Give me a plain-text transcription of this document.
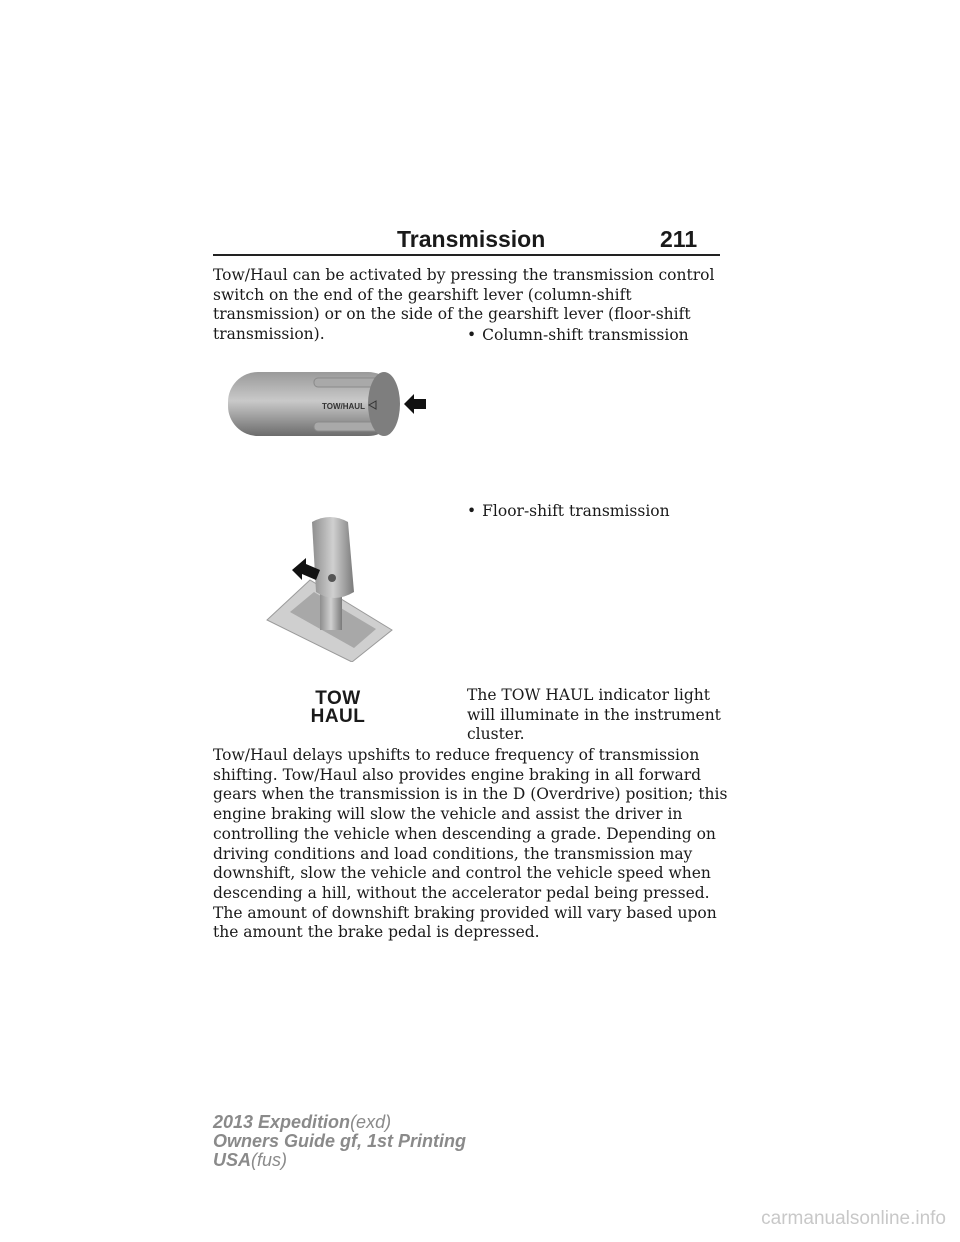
Transmission	211

Tow/Haul can be activated by pressing the transmission control switch on the end of the gearshift lever (column-shift transmission) or on the side of the gearshift lever (floor-shift transmission).	• Column-shift transmission
TOW/HAUL
• Floor-shift transmission
TOW
HAUL

The TOW HAUL indicator light will illuminate in the instrument cluster.

Tow/Haul delays upshifts to reduce frequency of transmission shifting. Tow/Haul also provides engine braking in all forward gears when the transmission is in the D (Overdrive) position; this engine braking will slow the vehicle and assist the driver in controlling the vehicle when descending a grade. Depending on driving conditions and load conditions, the transmission may downshift, slow the vehicle and control the vehicle speed when descending a hill, without the accelerator pedal being pressed. The amount of downshift braking provided will vary based upon the amount the brake pedal is depressed.

2013 Expedition(exd)
Owners Guide gf, 1st Printing
USA(fus)
carmanualsonline.info
